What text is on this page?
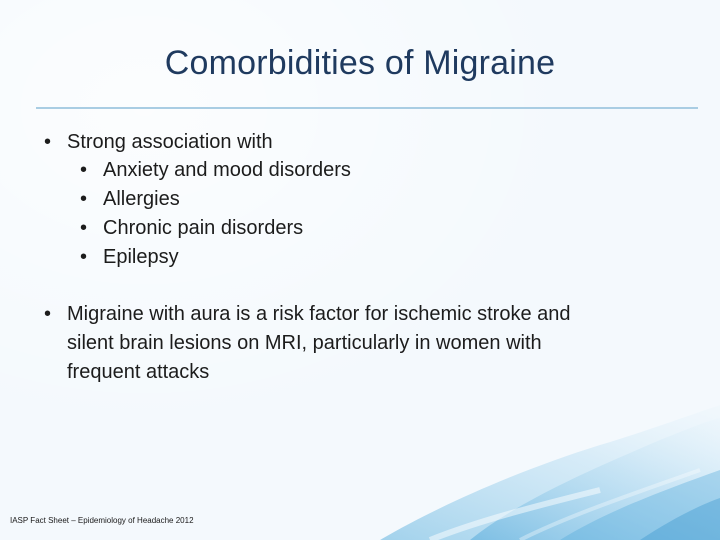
Comorbidities of Migraine
• Strong association with
• Anxiety and mood disorders
• Allergies
• Chronic pain disorders
• Epilepsy
• Migraine with aura is a risk factor for ischemic stroke and
silent brain lesions on MRI, particularly in women with
frequent attacks
IASP Fact Sheet – Epidemiology of Headache 2012
